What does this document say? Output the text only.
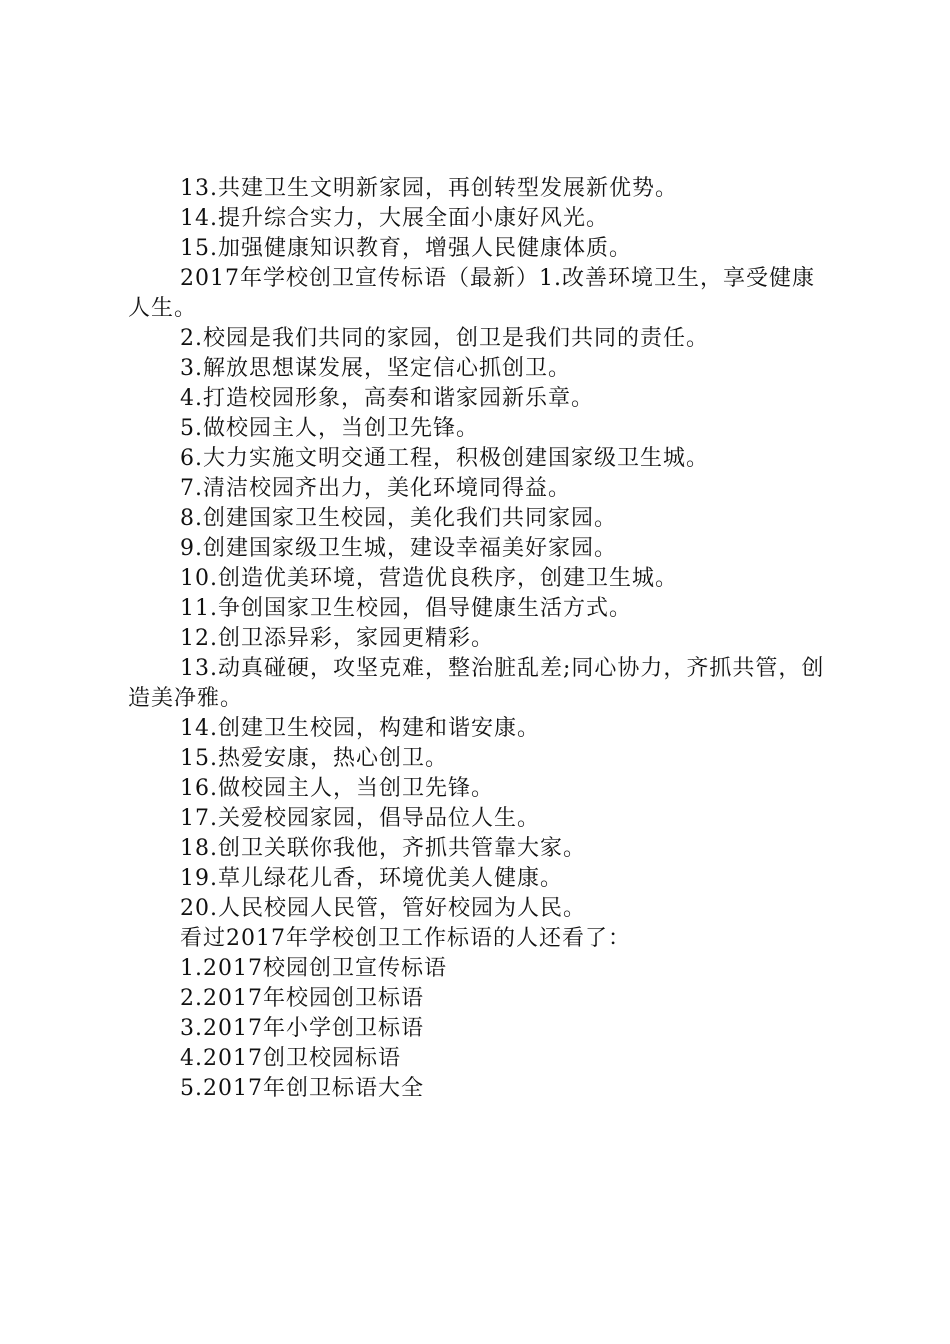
13.共建卫生文明新家园，再创转型发展新优势。

14.提升综合实力，大展全面小康好风光。

15.加强健康知识教育，增强人民健康体质。

2017年学校创卫宣传标语（最新）1.改善环境卫生，享受健康人生。

2.校园是我们共同的家园，创卫是我们共同的责任。

3.解放思想谋发展，坚定信心抓创卫。

4.打造校园形象，高奏和谐家园新乐章。

5.做校园主人，当创卫先锋。

6.大力实施文明交通工程，积极创建国家级卫生城。

7.清洁校园齐出力，美化环境同得益。

8.创建国家卫生校园，美化我们共同家园。

9.创建国家级卫生城，建设幸福美好家园。

10.创造优美环境，营造优良秩序，创建卫生城。

11.争创国家卫生校园，倡导健康生活方式。

12.创卫添异彩，家园更精彩。

13.动真碰硬，攻坚克难，整治脏乱差;同心协力，齐抓共管，创造美净雅。

14.创建卫生校园，构建和谐安康。

15.热爱安康，热心创卫。

16.做校园主人，当创卫先锋。

17.关爱校园家园，倡导品位人生。

18.创卫关联你我他，齐抓共管靠大家。

19.草儿绿花儿香，环境优美人健康。

20.人民校园人民管，管好校园为人民。

看过2017年学校创卫工作标语的人还看了：

1.2017校园创卫宣传标语

2.2017年校园创卫标语

3.2017年小学创卫标语

4.2017创卫校园标语

5.2017年创卫标语大全
